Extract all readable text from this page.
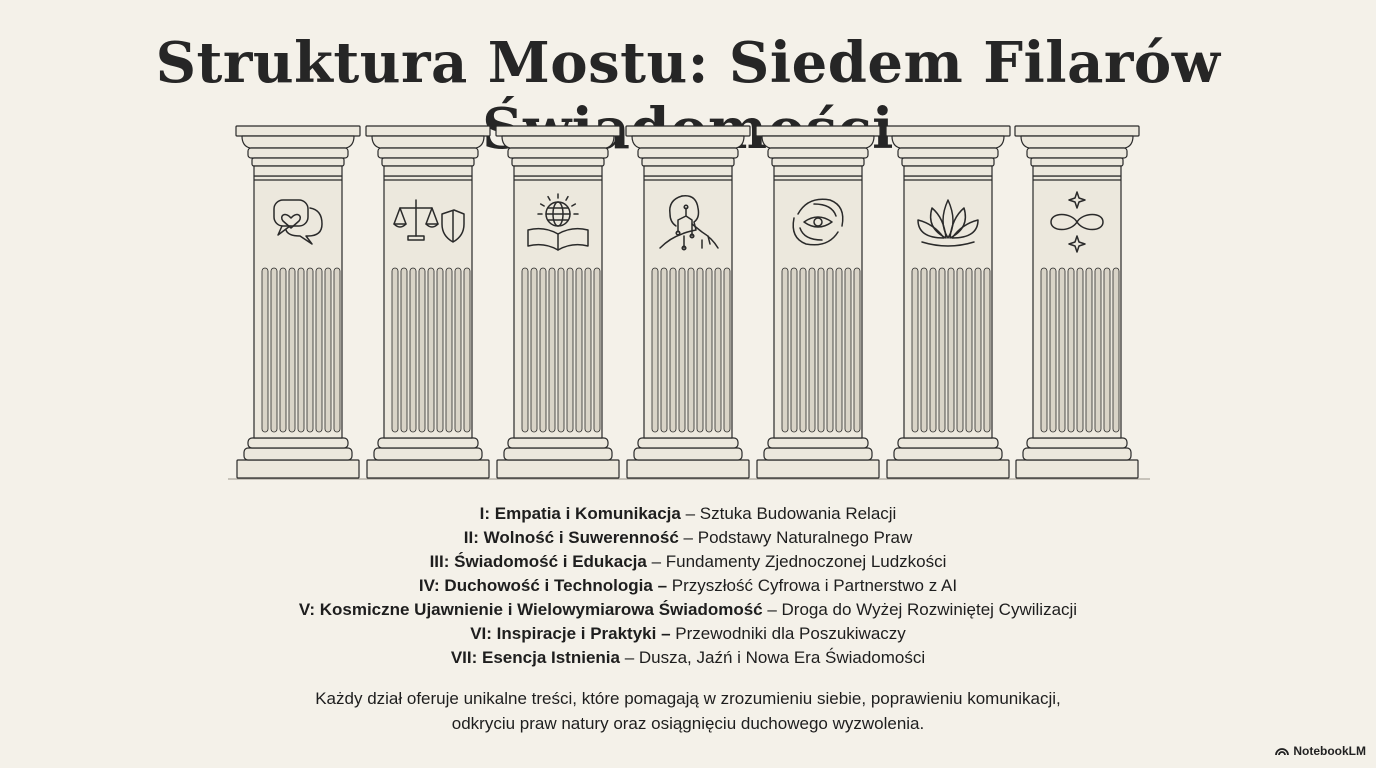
Struktura Mostu: Siedem Filarów
I: Empatia i Komunikacja – Sztuka Budowania Relacji
II: Wolność i Suwerenność – Podstawy Naturalnego Praw
III: Świadomość i Edukacja – Fundamenty Zjednoczonej Ludzkości
IV: Duchowość i Technologia – Przyszłość Cyfrowa i Partnerstwo z AI
V: Kosmiczne Ujawnienie i Wielowymiarowa Świadomość – Droga do Wyżej Rozwiniętej Cywilizacji
VI: Inspiracje i Praktyki – Przewodniki dla Poszukiwaczy
VII: Esencja Istnienia – Dusza, Jaźń i Nowa Era Świadomości
Każdy dział oferuje unikalne treści, które pomagają w zrozumieniu siebie, poprawieniu komunikacji,
odkryciu praw natury oraz osiągnięciu duchowego wyzwolenia.
NotebookLM
